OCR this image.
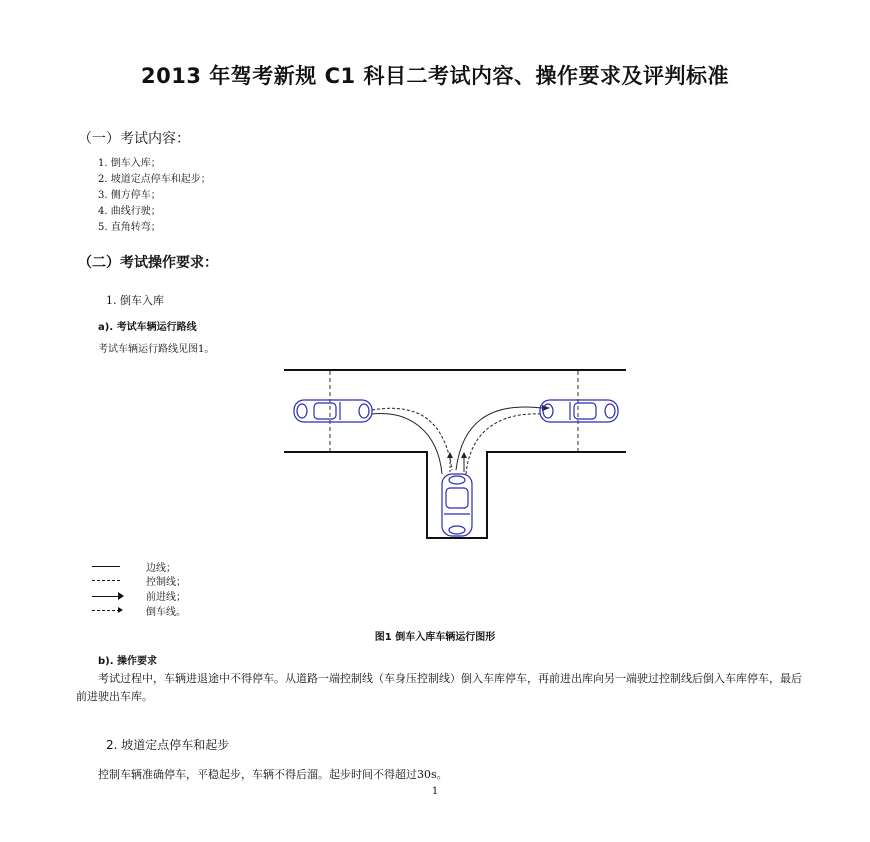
2013 年驾考新规 C1 科目二考试内容、操作要求及评判标准
（一）考试内容：
1. 倒车入库；
2. 坡道定点停车和起步；
3. 侧方停车；
4. 曲线行驶；
5. 直角转弯；
（二）考试操作要求：
1. 倒车入库
a). 考试车辆运行路线
考试车辆运行路线见图1。
边线；
控制线；
前进线；
倒车线。
图1 倒车入库车辆运行图形
b). 操作要求
考试过程中，车辆进退途中不得停车。从道路一端控制线（车身压控制线）倒入车库停车，再前进出库向另一端驶过控制线后倒入车库停车，最后前进驶出车库。
2. 坡道定点停车和起步
控制车辆准确停车，平稳起步，车辆不得后溜。起步时间不得超过30s。
1
